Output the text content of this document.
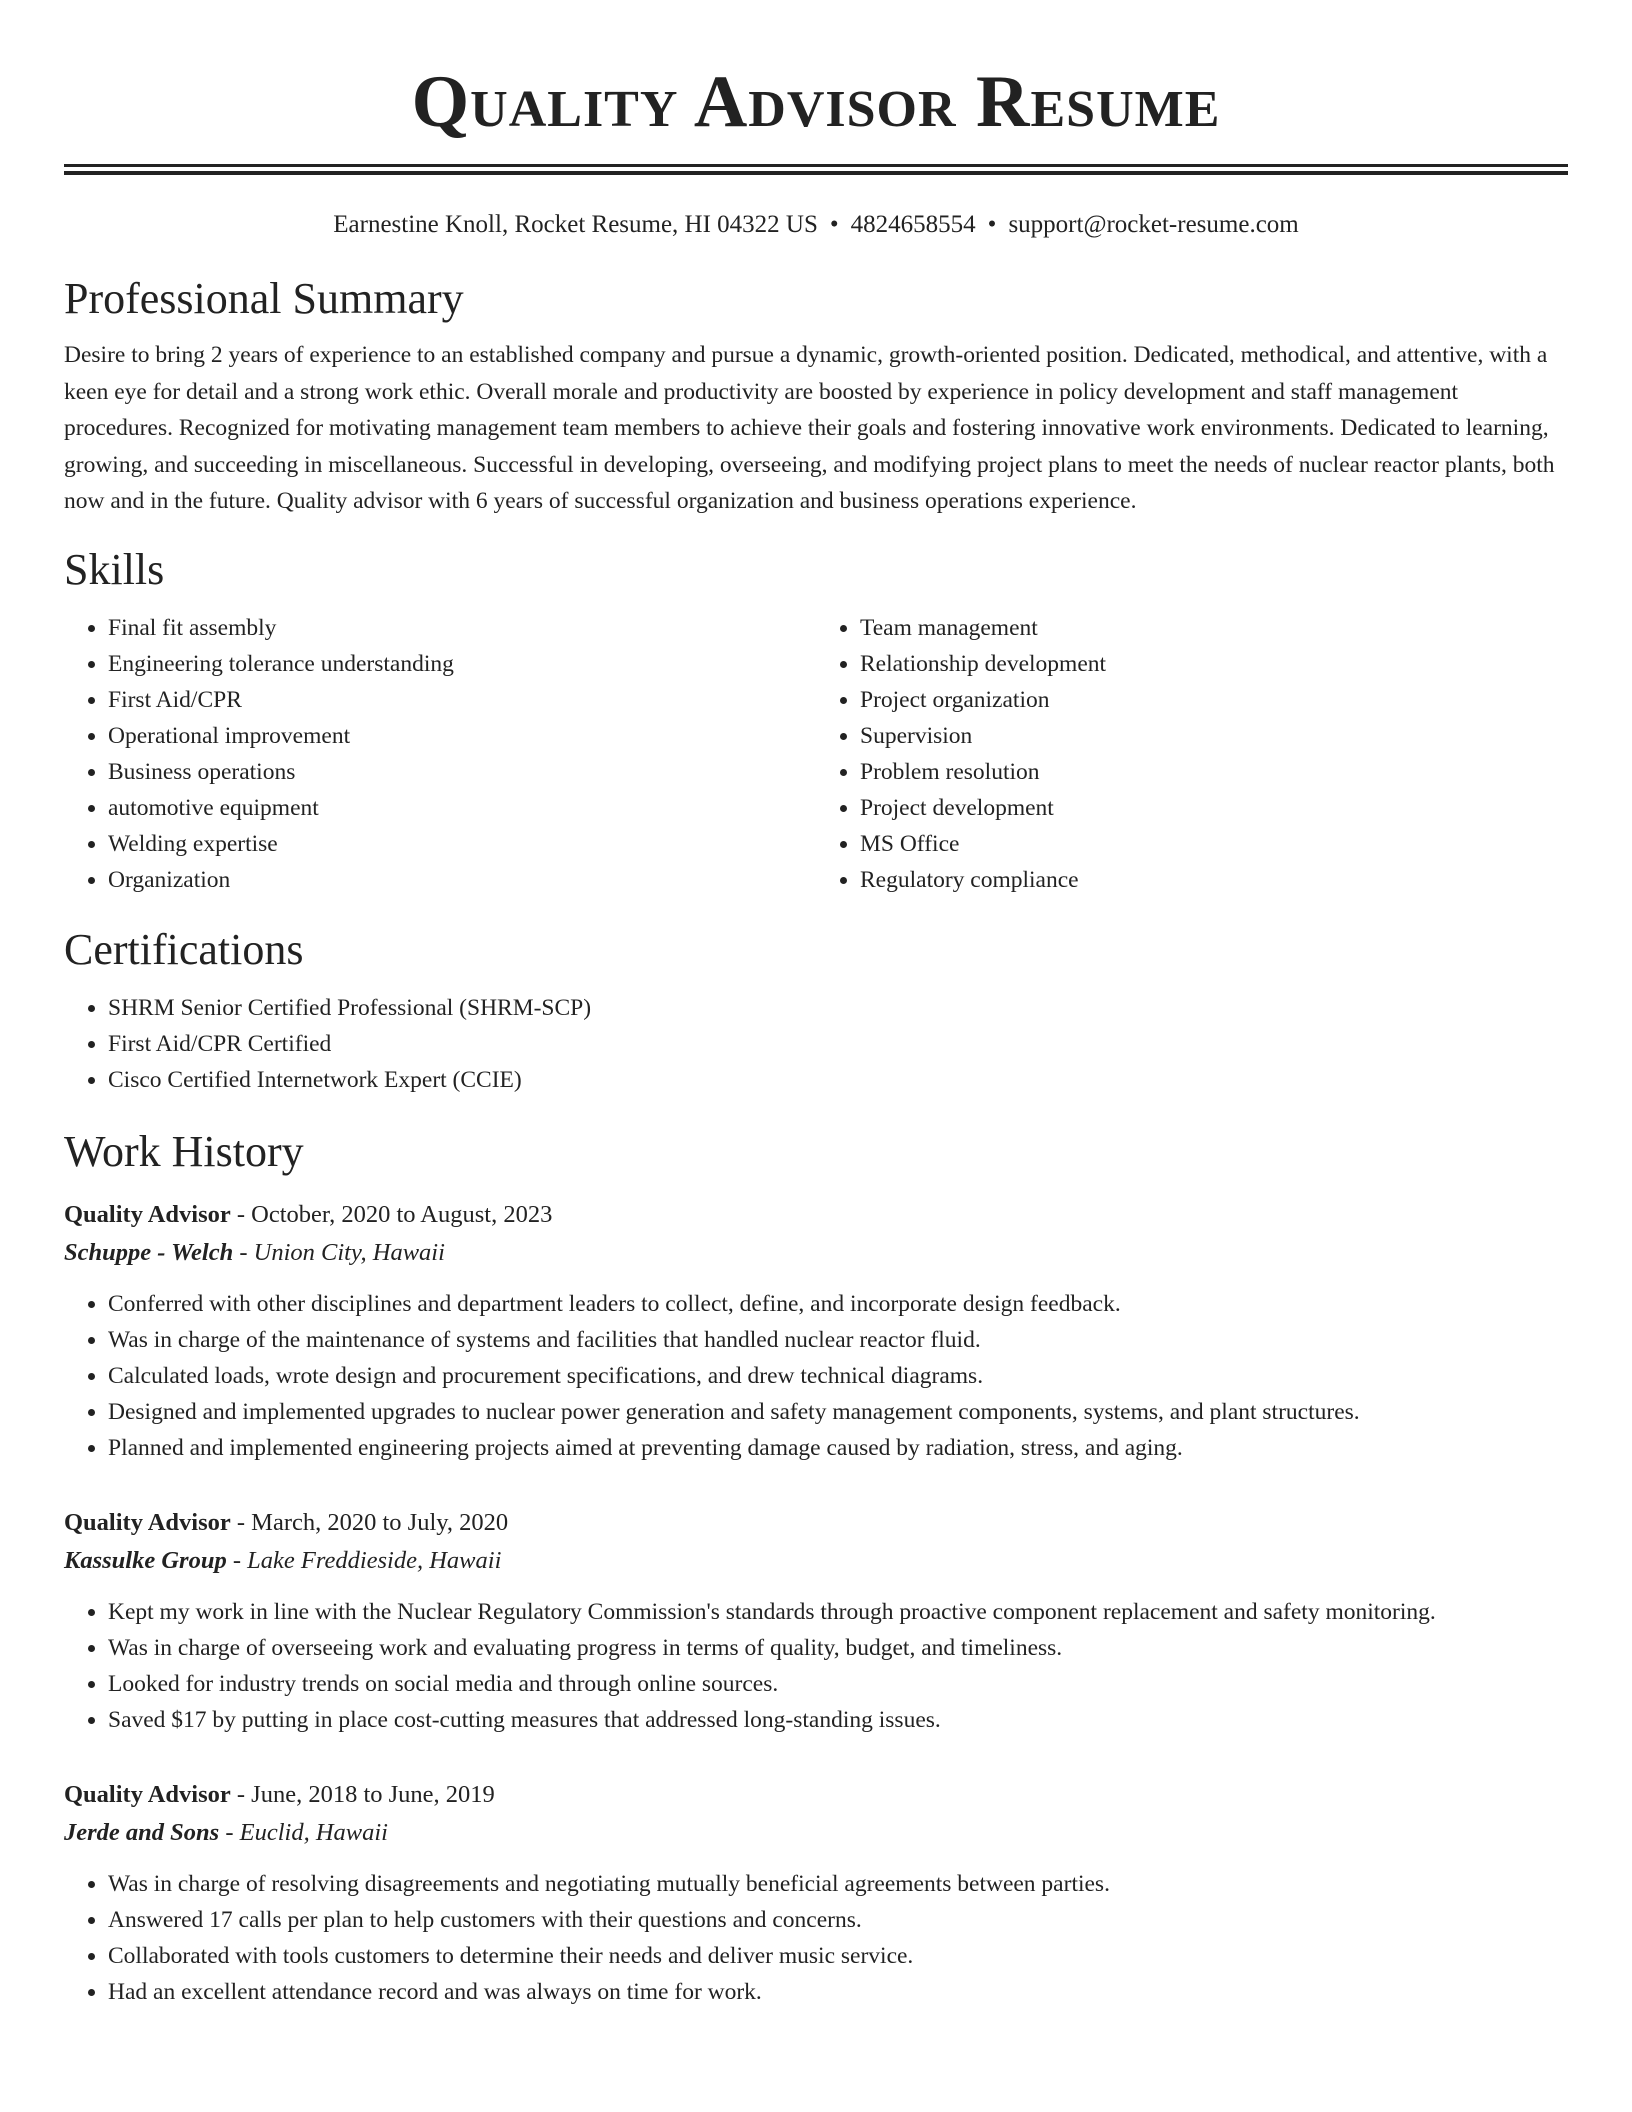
Quality Advisor Resume
Earnestine Knoll, Rocket Resume, HI 04322 US • 4824658554 • support@rocket-resume.com
Professional Summary

Desire to bring 2 years of experience to an established company and pursue a dynamic, growth-oriented position. Dedicated, methodical, and attentive, with a keen eye for detail and a strong work ethic. Overall morale and productivity are boosted by experience in policy development and staff management procedures. Recognized for motivating management team members to achieve their goals and fostering innovative work environments. Dedicated to learning, growing, and succeeding in miscellaneous. Successful in developing, overseeing, and modifying project plans to meet the needs of nuclear reactor plants, both now and in the future. Quality advisor with 6 years of successful organization and business operations experience.

Skills
• Final fit assembly
• Engineering tolerance understanding
• First Aid/CPR
• Operational improvement
• Business operations
• automotive equipment
• Welding expertise
• Organization
• Team management
• Relationship development
• Project organization
• Supervision
• Problem resolution
• Project development
• MS Office
• Regulatory compliance
Certifications
• SHRM Senior Certified Professional (SHRM-SCP)
• First Aid/CPR Certified
• Cisco Certified Internetwork Expert (CCIE)
Work History
Quality Advisor - October, 2020 to August, 2023
Schuppe - Welch - Union City, Hawaii
• Conferred with other disciplines and department leaders to collect, define, and incorporate design feedback.
• Was in charge of the maintenance of systems and facilities that handled nuclear reactor fluid.
• Calculated loads, wrote design and procurement specifications, and drew technical diagrams.
• Designed and implemented upgrades to nuclear power generation and safety management components, systems, and plant structures.
• Planned and implemented engineering projects aimed at preventing damage caused by radiation, stress, and aging.
Quality Advisor - March, 2020 to July, 2020
Kassulke Group - Lake Freddieside, Hawaii
• Kept my work in line with the Nuclear Regulatory Commission's standards through proactive component replacement and safety monitoring.
• Was in charge of overseeing work and evaluating progress in terms of quality, budget, and timeliness.
• Looked for industry trends on social media and through online sources.
• Saved $17 by putting in place cost-cutting measures that addressed long-standing issues.
Quality Advisor - June, 2018 to June, 2019
Jerde and Sons - Euclid, Hawaii
• Was in charge of resolving disagreements and negotiating mutually beneficial agreements between parties.
• Answered 17 calls per plan to help customers with their questions and concerns.
• Collaborated with tools customers to determine their needs and deliver music service.
• Had an excellent attendance record and was always on time for work.
